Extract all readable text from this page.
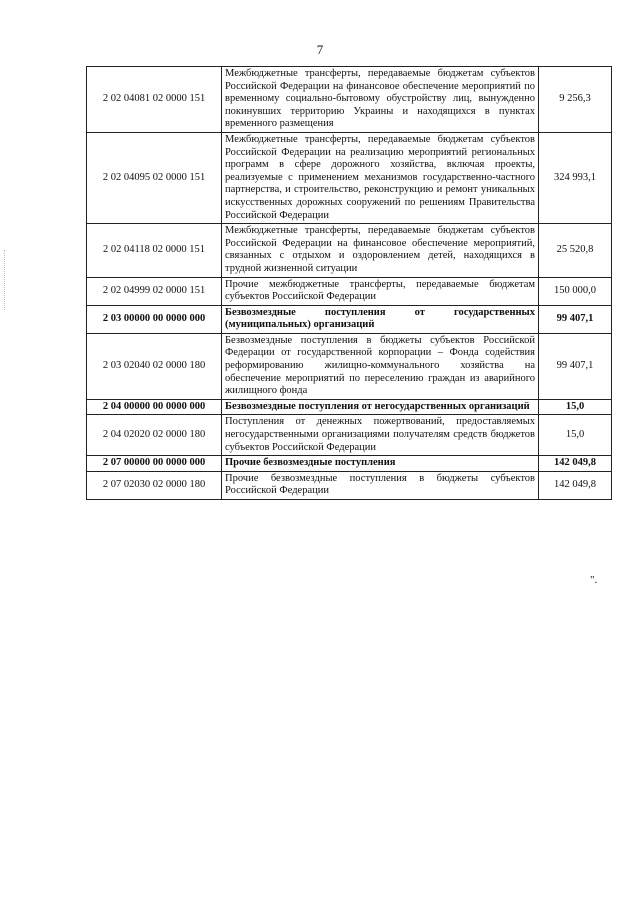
7
2 02 04081 02 0000 151	Межбюджетные трансферты, передаваемые бюджетам субъектов Российской Федерации на финансовое обеспечение мероприятий по временному социально-бытовому обустройству лиц, вынужденно покинувших территорию Украины и находящихся в пунктах временного размещения	9 256,3
2 02 04095 02 0000 151	Межбюджетные трансферты, передаваемые бюджетам субъектов Российской Федерации на реализацию мероприятий региональных программ в сфере дорожного хозяйства, включая проекты, реализуемые с применением механизмов государственно-частного партнерства, и строительство, реконструкцию и ремонт уникальных искусственных дорожных сооружений по решениям Правительства Российской Федерации	324 993,1
2 02 04118 02 0000 151	Межбюджетные трансферты, передаваемые бюджетам субъектов Российской Федерации на финансовое обеспечение мероприятий, связанных с отдыхом и оздоровлением детей, находящихся в трудной жизненной ситуации	25 520,8
2 02 04999 02 0000 151	Прочие межбюджетные трансферты, передаваемые бюджетам субъектов Российской Федерации	150 000,0
2 03 00000 00 0000 000	Безвозмездные поступления от государственных (муниципальных) организаций	99 407,1
2 03 02040 02 0000 180	Безвозмездные поступления в бюджеты субъектов Российской Федерации от государственной корпорации – Фонда содействия реформированию жилищно-коммунального хозяйства на обеспечение мероприятий по переселению граждан из аварийного жилищного фонда	99 407,1
2 04 00000 00 0000 000	Безвозмездные поступления от негосударственных организаций	15,0
2 04 02020 02 0000 180	Поступления от денежных пожертвований, предоставляемых негосударственными организациями получателям средств бюджетов субъектов Российской Федерации	15,0
2 07 00000 00 0000 000	Прочие безвозмездные поступления	142 049,8
2 07 02030 02 0000 180	Прочие безвозмездные поступления в бюджеты субъектов Российской Федерации	142 049,8
".
